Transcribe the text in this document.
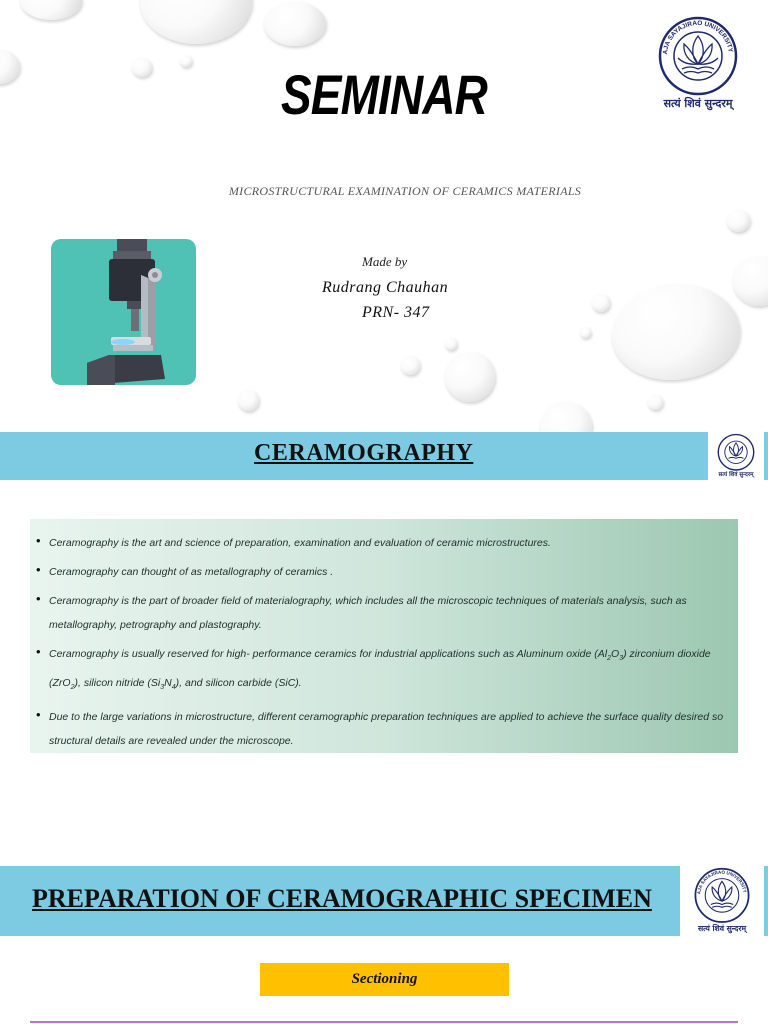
SEMINAR
MICROSTRUCTURAL EXAMINATION OF CERAMICS MATERIALS
Made by
Rudrang Chauhan
PRN- 347
AJA SAYAJIRAO UNIVERSITY
सत्यं शिवं सुन्दरम्
CERAMOGRAPHY
सत्यं शिवं सुन्दरम्
• Ceramography is the art and science of preparation, examination and evaluation of ceramic microstructures.
• Ceramography can thought of as metallography of ceramics .
• Ceramography is the part of broader field of materialography, which includes all the microscopic techniques of materials analysis, such as metallography, petrography and plastography.
• Ceramography is usually reserved for high- performance ceramics for industrial applications such as Aluminum oxide $(Al_2O_3)$ zirconium dioxide (ZrO$_2$), silicon nitride $(Si_3N_4)$, and silicon carbide (SiC).
• Due to the large variations in microstructure, different ceramographic preparation techniques are applied to achieve the surface quality desired so structural details are revealed under the microscope.
PREPARATION OF CERAMOGRAPHIC SPECIMEN	AJA SAYAJIRAO UNIVERSITY
सत्यं शिवं सुन्दरम्
Sectioning
